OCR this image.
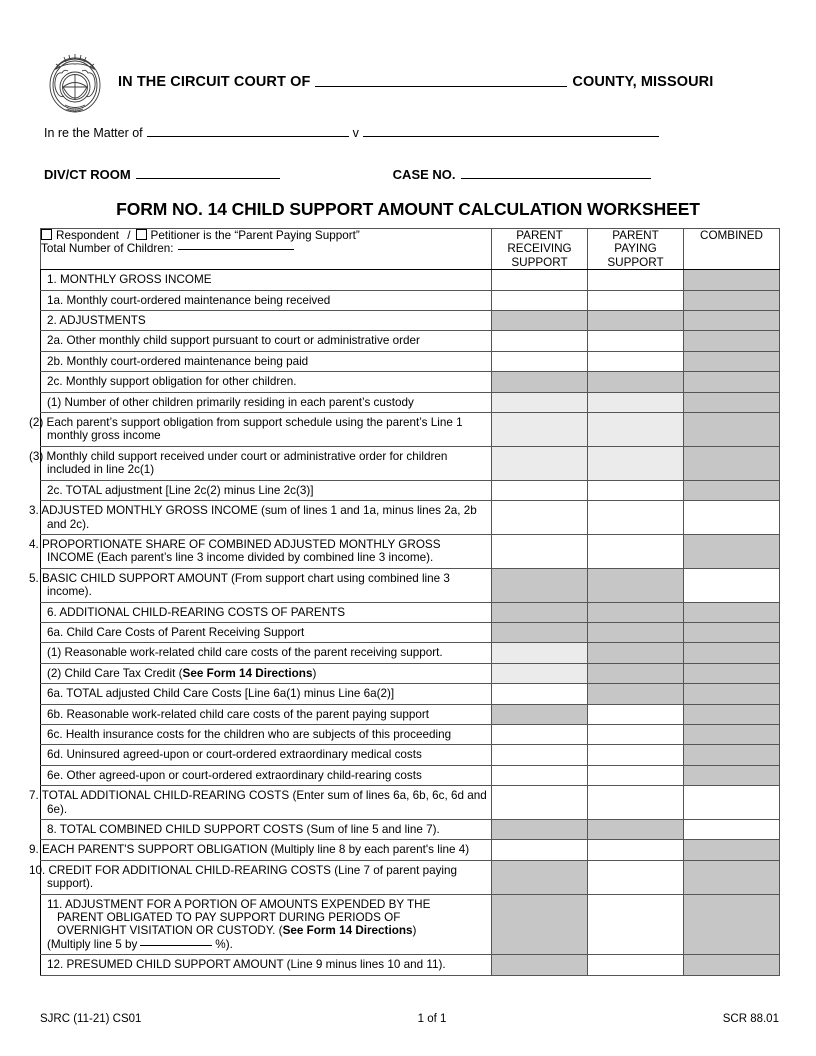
MISSOURI
IN THE CIRCUIT COURT OF	COUNTY, MISSOURI
In re the Matter of	v
DIV/CT ROOM	CASE NO.
FORM NO. 14 CHILD SUPPORT AMOUNT CALCULATION WORKSHEET
Respondent / Petitioner is the “Parent Paying Support”
Total Number of Children:

PARENT
RECEIVING
SUPPORT

PARENT
PAYING
SUPPORT

COMBINED

1. MONTHLY GROSS INCOME			
1a. Monthly court-ordered maintenance being received			
2. ADJUSTMENTS			
2a. Other monthly child support pursuant to court or administrative order			
2b. Monthly court-ordered maintenance being paid			
2c. Monthly support obligation for other children.			
(1) Number of other children primarily residing in each parent’s custody			
(2) Each parent’s support obligation from support schedule using the parent’s Line 1 monthly gross income			
(3) Monthly child support received under court or administrative order for children included in line 2c(1)			
2c. TOTAL adjustment [Line 2c(2) minus Line 2c(3)]			
3. ADJUSTED MONTHLY GROSS INCOME (sum of lines 1 and 1a, minus lines 2a, 2b and 2c).			
4. PROPORTIONATE SHARE OF COMBINED ADJUSTED MONTHLY GROSS INCOME (Each parent’s line 3 income divided by combined line 3 income).			
5. BASIC CHILD SUPPORT AMOUNT (From support chart using combined line 3 income).			
6. ADDITIONAL CHILD-REARING COSTS OF PARENTS			
6a. Child Care Costs of Parent Receiving Support			
(1) Reasonable work-related child care costs of the parent receiving support.			
(2) Child Care Tax Credit (See Form 14 Directions)			
6a. TOTAL adjusted Child Care Costs [Line 6a(1) minus Line 6a(2)]			
6b. Reasonable work-related child care costs of the parent paying support			
6c. Health insurance costs for the children who are subjects of this proceeding			
6d. Uninsured agreed-upon or court-ordered extraordinary medical costs			
6e. Other agreed-upon or court-ordered extraordinary child-rearing costs			
7. TOTAL ADDITIONAL CHILD-REARING COSTS (Enter sum of lines 6a, 6b, 6c, 6d and 6e).			
8. TOTAL COMBINED CHILD SUPPORT COSTS (Sum of line 5 and line 7).			
9. EACH PARENT'S SUPPORT OBLIGATION (Multiply line 8 by each parent's line 4)			
10. CREDIT FOR ADDITIONAL CHILD-REARING COSTS (Line 7 of parent paying support).			

11. ADJUSTMENT FOR A PORTION OF AMOUNTS EXPENDED BY THE
PARENT OBLIGATED TO PAY SUPPORT DURING PERIODS OF
OVERNIGHT VISITATION OR CUSTODY. (See Form 14 Directions)
(Multiply line 5 by %).			

12. PRESUMED CHILD SUPPORT AMOUNT (Line 9 minus lines 10 and 11).			
SJRC (11-21) CS01	1 of 1	SCR 88.01
